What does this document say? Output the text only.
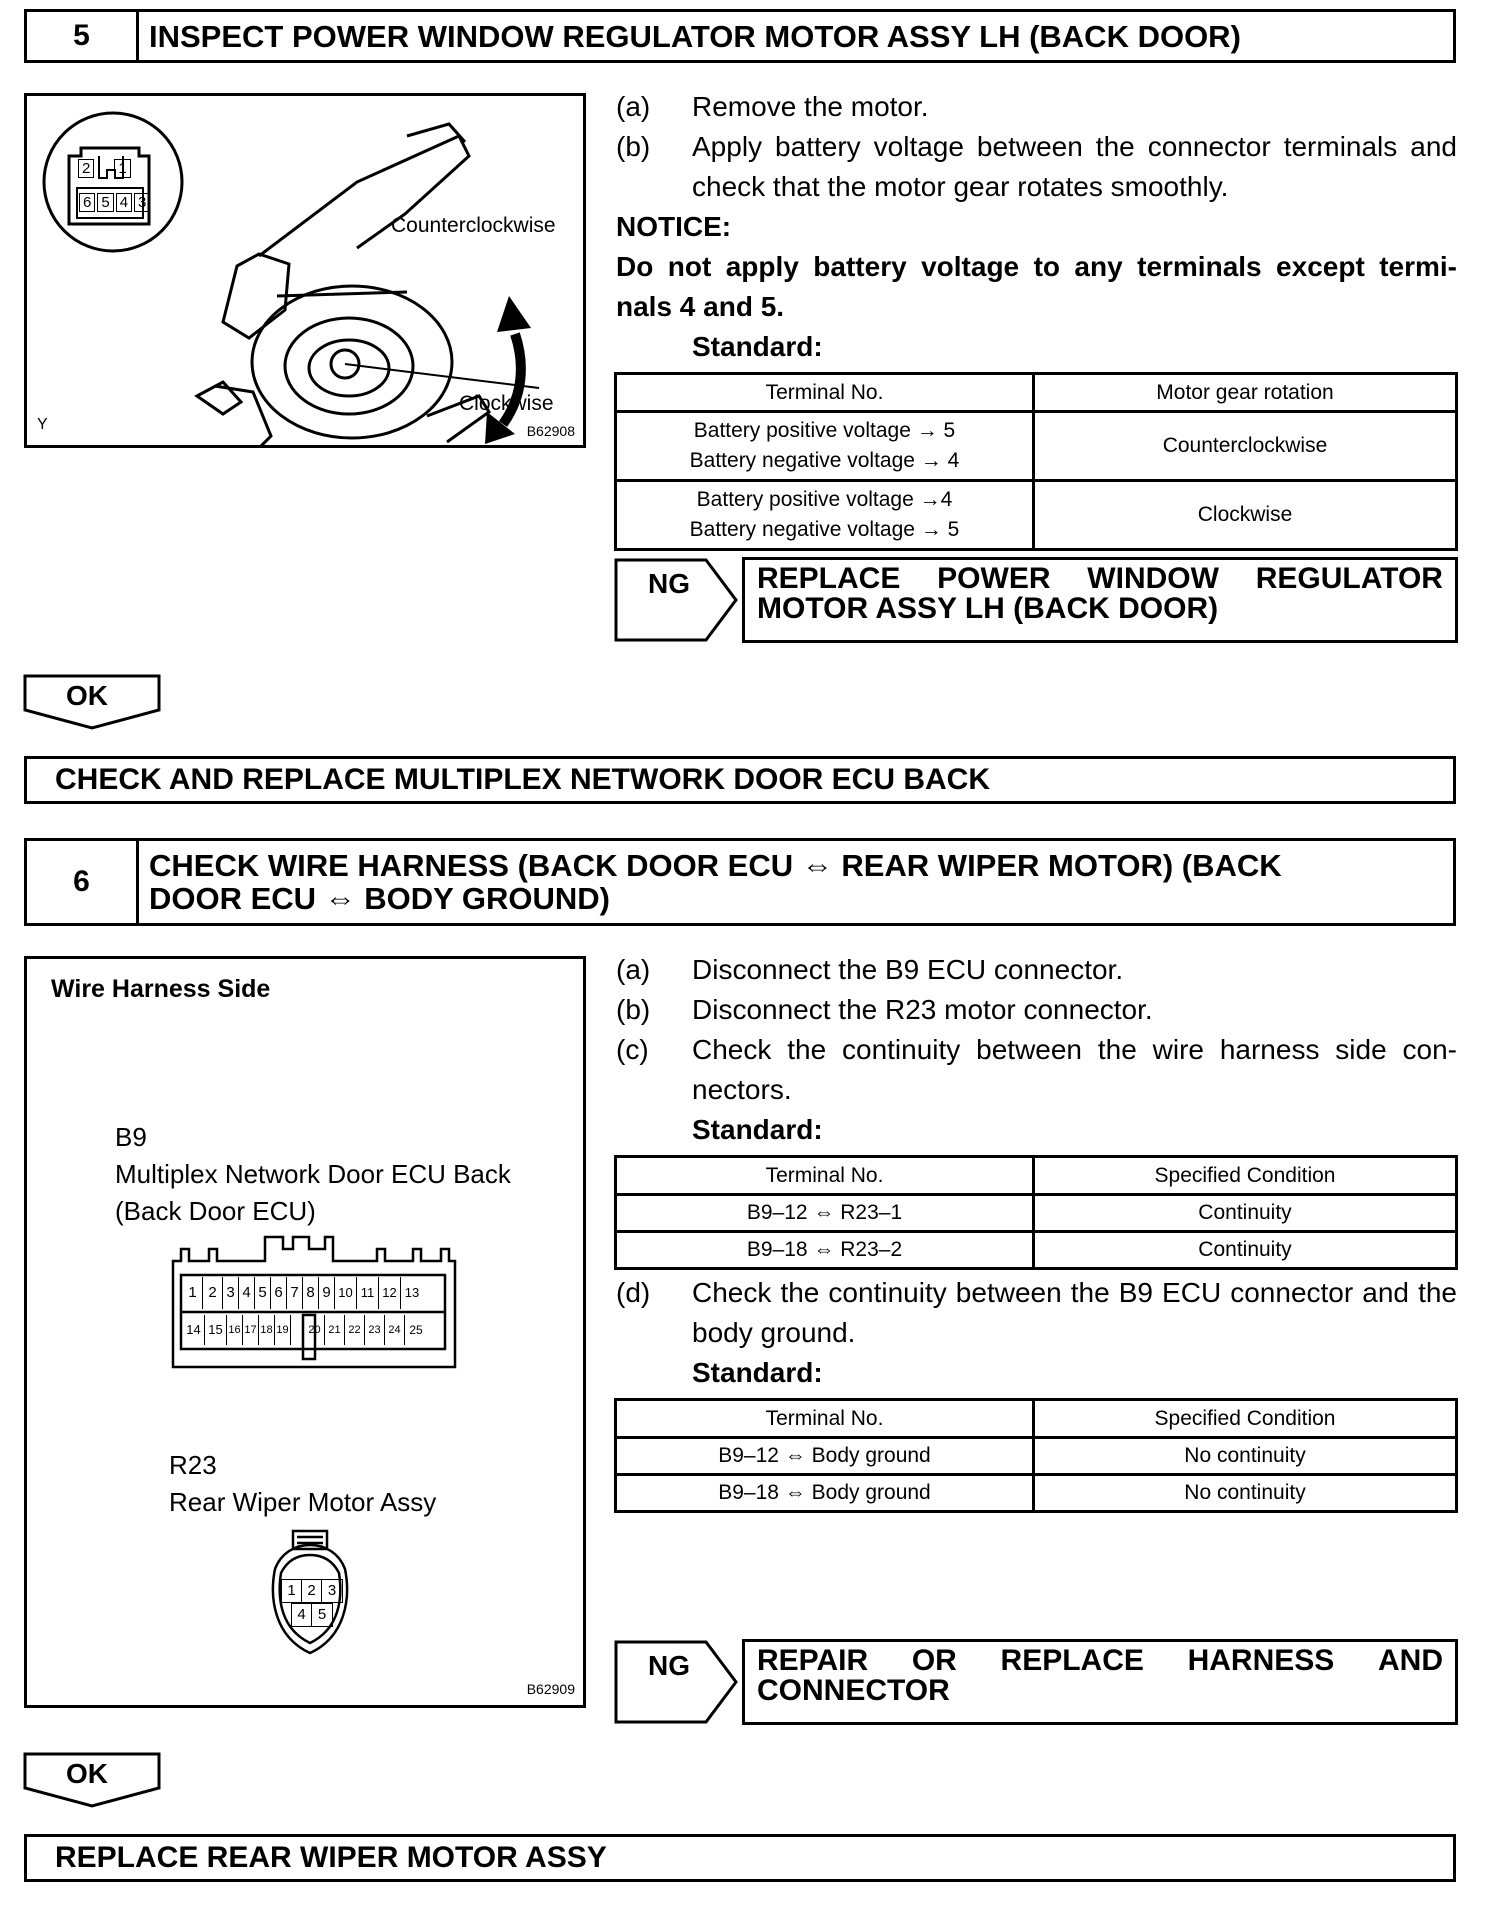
5	INSPECT POWER WINDOW REGULATOR MOTOR ASSY LH (BACK DOOR)
2 1
6 5 4 3
Counterclockwise
Clockwise
Y	B62908
(a)	Remove the motor.
(b)	Apply battery voltage between the connector terminals and check that the motor gear rotates smoothly.
NOTICE:
Do not apply battery voltage to any terminals except termi- nals 4 and 5.
Standard:
Terminal No.	Motor gear rotation

Battery positive voltage → 5
Battery negative voltage → 4	Counterclockwise

Battery positive voltage →4
Battery negative voltage → 5	Clockwise
NG REPLACE POWER WINDOW REGULATOR
MOTOR ASSY LH (BACK DOOR)
OK
CHECK AND REPLACE MULTIPLEX NETWORK DOOR ECU BACK
6	CHECK WIRE HARNESS (BACK DOOR ECU ⇔ REAR WIPER MOTOR) (BACK
DOOR ECU ⇔ BODY GROUND)
Wire Harness Side
B9
Multiplex Network Door ECU Back
(Back Door ECU)
1 2 3 4 5 6 7 8 9 10 11 12 13
14 15 16 17 18 19	20 21 22 23 24 25
R23
Rear Wiper Motor Assy
1 2 3
4 5
B62909
(a)	Disconnect the B9 ECU connector.
(b)	Disconnect the R23 motor connector.
(c)	Check the continuity between the wire harness side con- nectors.
Standard:
Terminal No.	Specified Condition
B9–12 ⇔ R23–1	Continuity
B9–18 ⇔ R23–2	Continuity
(d)	Check the continuity between the B9 ECU connector and the body ground.
Standard:
Terminal No.	Specified Condition
B9–12 ⇔ Body ground	No continuity
B9–18 ⇔ Body ground	No continuity
NG REPAIR OR REPLACE HARNESS AND
CONNECTOR
OK
REPLACE REAR WIPER MOTOR ASSY
